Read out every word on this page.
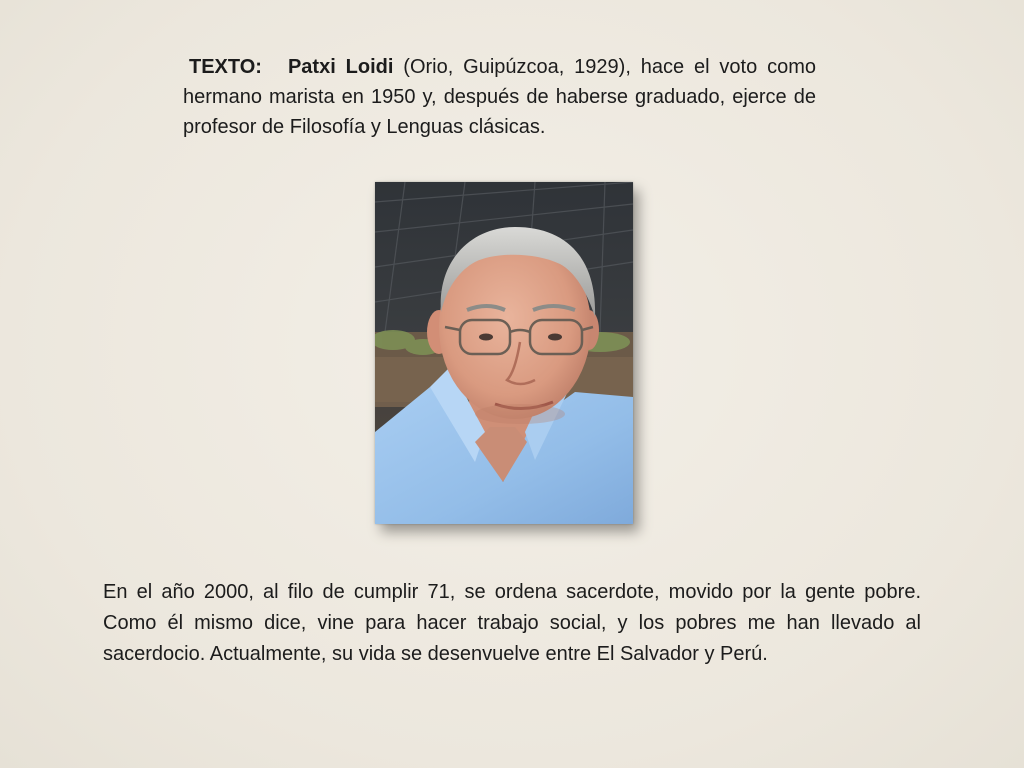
TEXTO: Patxi Loidi (Orio, Guipúzcoa, 1929), hace el voto como hermano marista en 1950 y, después de haberse graduado, ejerce de profesor de Filosofía y Lenguas clásicas.
En el año 2000, al filo de cumplir 71, se ordena sacerdote, movido por la gente pobre. Como él mismo dice, vine para hacer trabajo social, y los pobres me han llevado al sacerdocio. Actualmente, su vida se desenvuelve entre El Salvador y Perú.
